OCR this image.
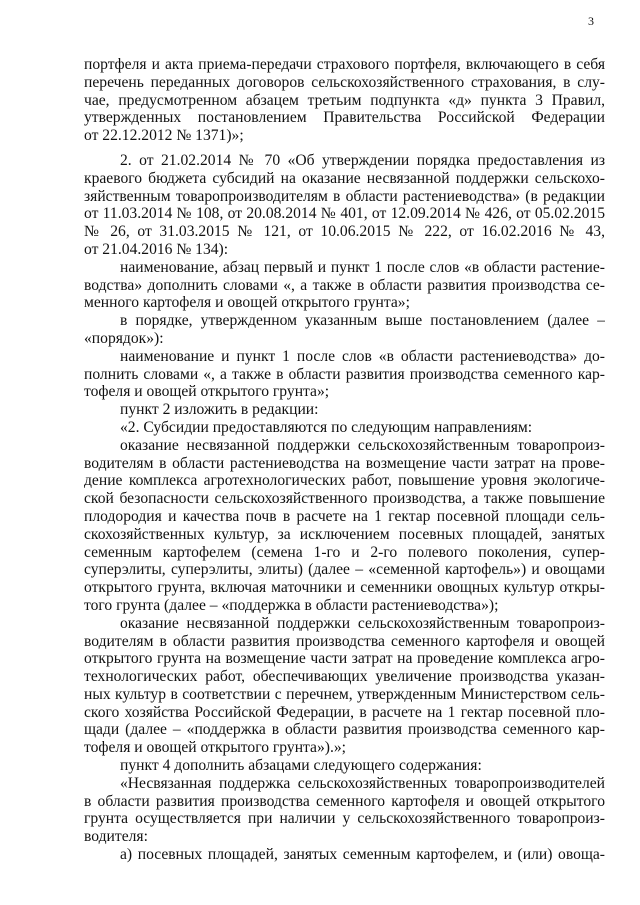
3
портфеля и акта приема-передачи страхового портфеля, включающего в себя
перечень переданных договоров сельскохозяйственного страхования, в слу-
чае, предусмотренном абзацем третьим подпункта «д» пункта 3 Правил,
утвержденных постановлением Правительства Российской Федерации
от 22.12.2012 № 1371)»;
2. от 21.02.2014 № 70 «Об утверждении порядка предоставления из
краевого бюджета субсидий на оказание несвязанной поддержки сельскохо-
зяйственным товаропроизводителям в области растениеводства» (в редакции
от 11.03.2014 № 108, от 20.08.2014 № 401, от 12.09.2014 № 426, от 05.02.2015
№ 26, от 31.03.2015 № 121, от 10.06.2015 № 222, от 16.02.2016 № 43,
от 21.04.2016 № 134):
наименование, абзац первый и пункт 1 после слов «в области растение-
водства» дополнить словами «, а также в области развития производства се-
менного картофеля и овощей открытого грунта»;
в порядке, утвержденном указанным выше постановлением (далее –
«порядок»):
наименование и пункт 1 после слов «в области растениеводства» до-
полнить словами «, а также в области развития производства семенного кар-
тофеля и овощей открытого грунта»;
пункт 2 изложить в редакции:
«2. Субсидии предоставляются по следующим направлениям:
оказание несвязанной поддержки сельскохозяйственным товаропроиз-
водителям в области растениеводства на возмещение части затрат на прове-
дение комплекса агротехнологических работ, повышение уровня экологиче-
ской безопасности сельскохозяйственного производства, а также повышение
плодородия и качества почв в расчете на 1 гектар посевной площади сель-
скохозяйственных культур, за исключением посевных площадей, занятых
семенным картофелем (семена 1-го и 2-го полевого поколения, супер-
суперэлиты, суперэлиты, элиты) (далее – «семенной картофель») и овощами
открытого грунта, включая маточники и семенники овощных культур откры-
того грунта (далее – «поддержка в области растениеводства»);
оказание несвязанной поддержки сельскохозяйственным товаропроиз-
водителям в области развития производства семенного картофеля и овощей
открытого грунта на возмещение части затрат на проведение комплекса агро-
технологических работ, обеспечивающих увеличение производства указан-
ных культур в соответствии с перечнем, утвержденным Министерством сель-
ского хозяйства Российской Федерации, в расчете на 1 гектар посевной пло-
щади (далее – «поддержка в области развития производства семенного кар-
тофеля и овощей открытого грунта»).»;
пункт 4 дополнить абзацами следующего содержания:
«Несвязанная поддержка сельскохозяйственных товаропроизводителей
в области развития производства семенного картофеля и овощей открытого
грунта осуществляется при наличии у сельскохозяйственного товаропроиз-
водителя:
а) посевных площадей, занятых семенным картофелем, и (или) овоща-
